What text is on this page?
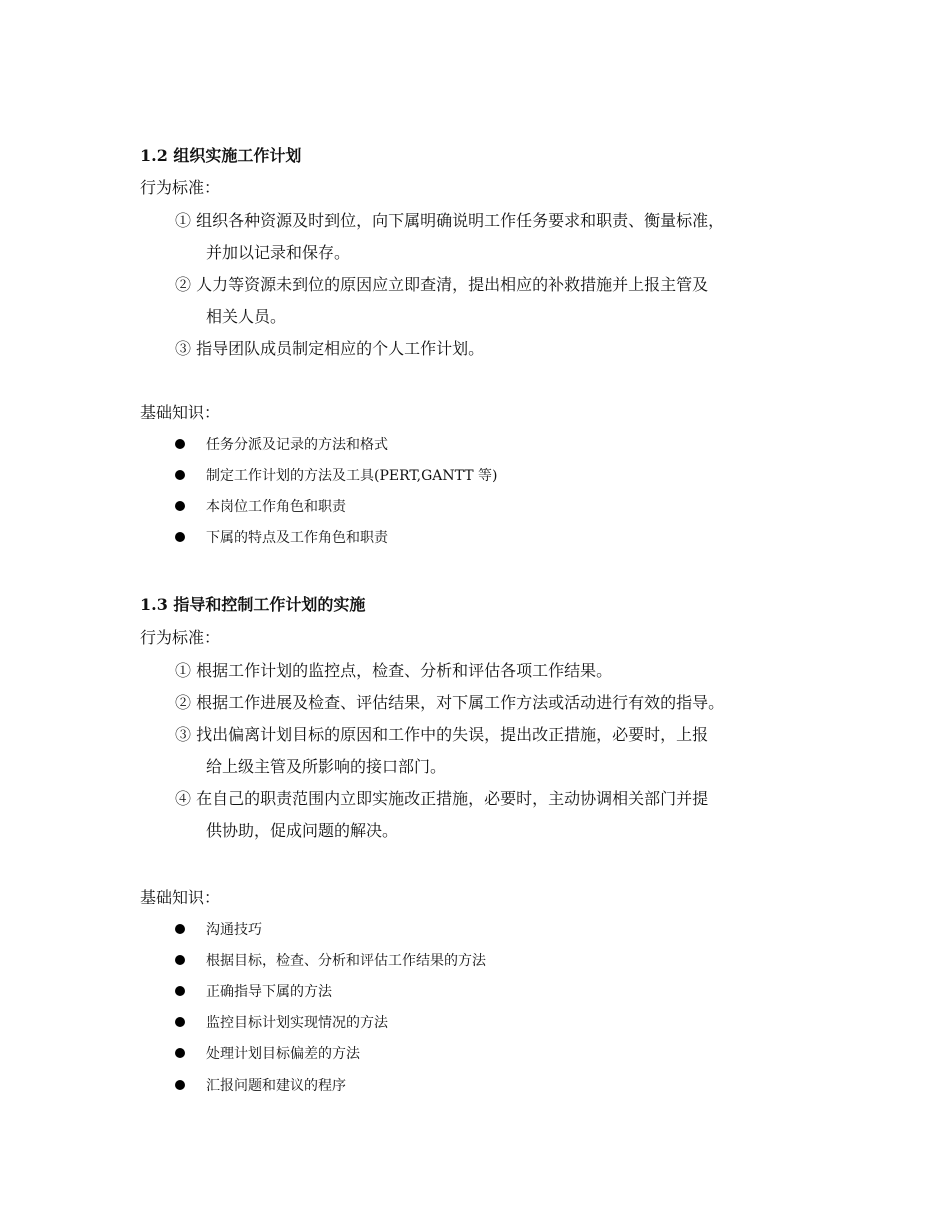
1.2 组织实施工作计划
行为标准：
① 组织各种资源及时到位，向下属明确说明工作任务要求和职责、衡量标准，
并加以记录和保存。
② 人力等资源未到位的原因应立即查清，提出相应的补救措施并上报主管及
相关人员。
③ 指导团队成员制定相应的个人工作计划。
基础知识：
任务分派及记录的方法和格式
制定工作计划的方法及工具(PERT,GANTT 等)
本岗位工作角色和职责
下属的特点及工作角色和职责
1.3 指导和控制工作计划的实施
行为标准：
① 根据工作计划的监控点，检查、分析和评估各项工作结果。
② 根据工作进展及检查、评估结果，对下属工作方法或活动进行有效的指导。
③ 找出偏离计划目标的原因和工作中的失误，提出改正措施，必要时，上报
给上级主管及所影响的接口部门。
④ 在自己的职责范围内立即实施改正措施，必要时，主动协调相关部门并提
供协助，促成问题的解决。
基础知识：
沟通技巧
根据目标，检查、分析和评估工作结果的方法
正确指导下属的方法
监控目标计划实现情况的方法
处理计划目标偏差的方法
汇报问题和建议的程序
